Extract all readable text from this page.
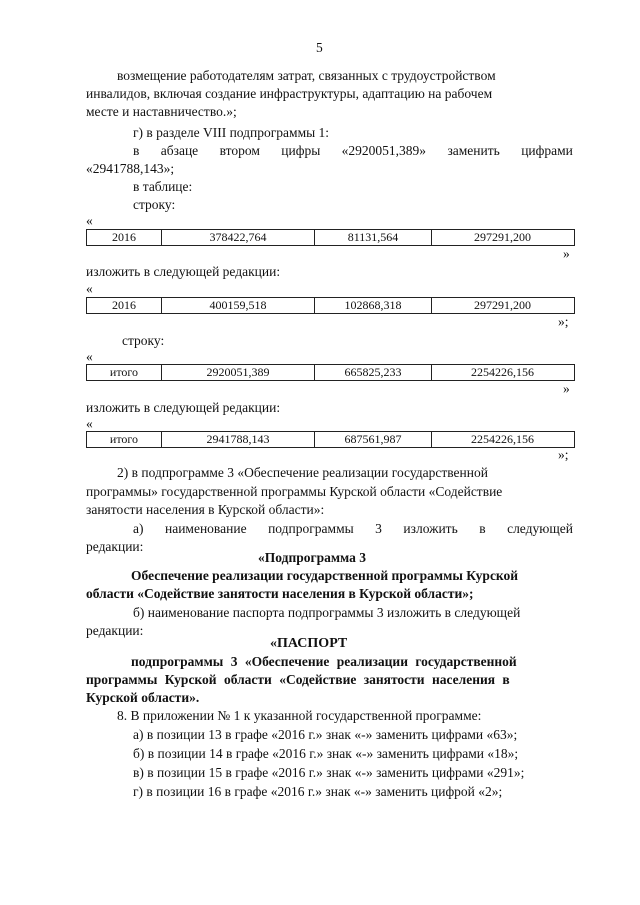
5
возмещение работодателям затрат, связанных с трудоустройством
инвалидов, включая создание инфраструктуры, адаптацию на рабочем
месте и наставничество.»;
г) в разделе VIII подпрограммы 1:
в абзаце втором цифры «2920051,389» заменить цифрами
«2941788,143»;
в таблице:
строку:
«
2016	378422,764	81131,564	297291,200
»
изложить в следующей редакции:
«
2016	400159,518	102868,318	297291,200
»;
строку:
«
итого	2920051,389	665825,233	2254226,156
»
изложить в следующей редакции:
«
итого	2941788,143	687561,987	2254226,156
»;
2) в подпрограмме 3 «Обеспечение реализации государственной
программы» государственной программы Курской области «Содействие
занятости населения в Курской области»:
а) наименование подпрограммы 3 изложить в следующей
редакции:
«Подпрограмма 3
Обеспечение реализации государственной программы Курской
области «Содействие занятости населения в Курской области»;
б) наименование паспорта подпрограммы 3 изложить в следующей
редакции:
«ПАСПОРТ
подпрограммы 3 «Обеспечение реализации государственной
программы Курской области «Содействие занятости населения в
Курской области».
8. В приложении № 1 к указанной государственной программе:
а) в позиции 13 в графе «2016 г.» знак «-» заменить цифрами «63»;
б) в позиции 14 в графе «2016 г.» знак «-» заменить цифрами «18»;
в) в позиции 15 в графе «2016 г.» знак «-» заменить цифрами «291»;
г) в позиции 16 в графе «2016 г.» знак «-» заменить цифрой «2»;
